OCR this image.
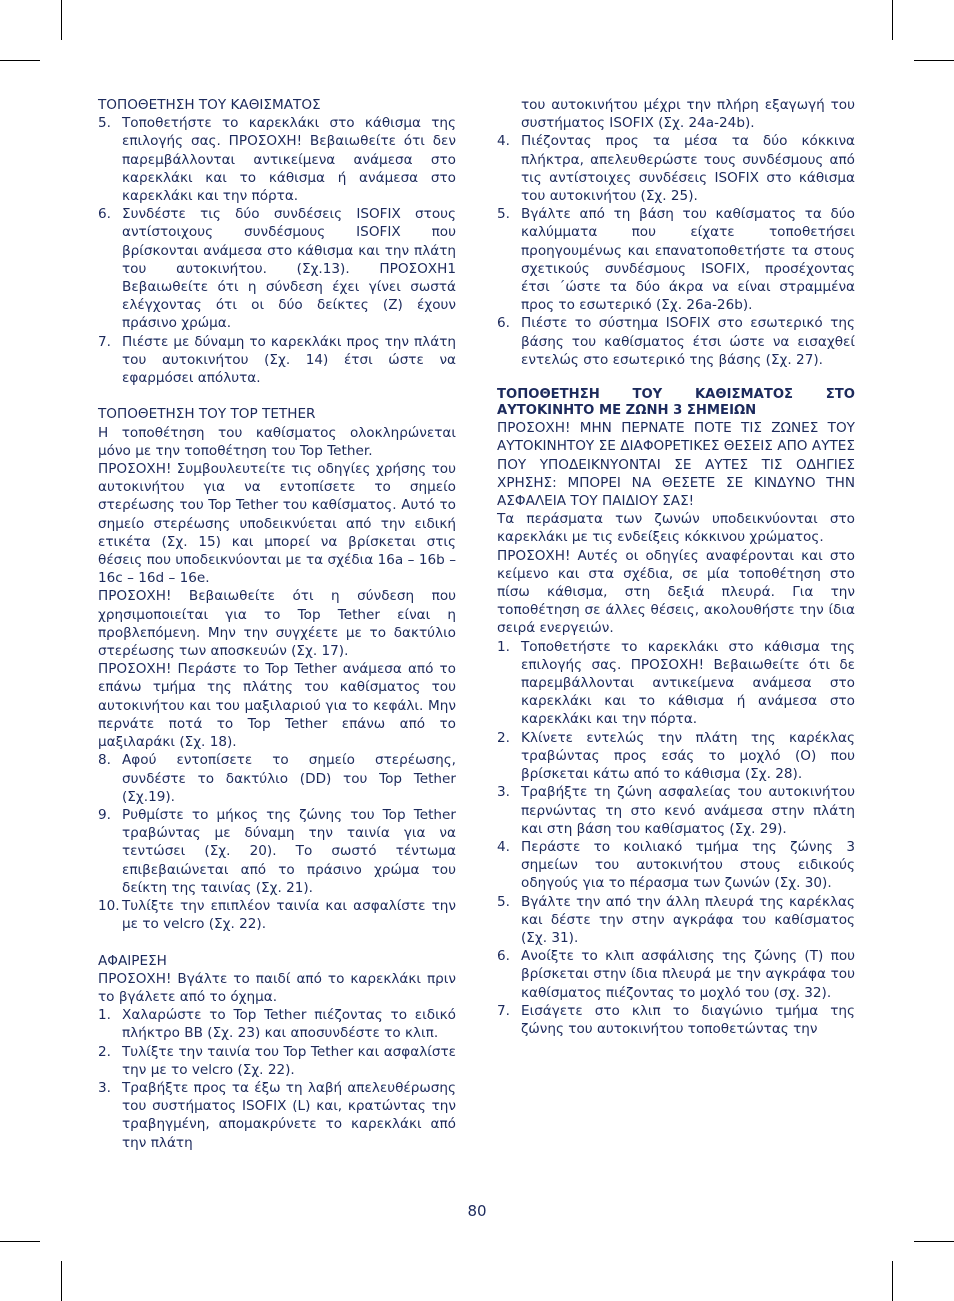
ΤΟΠΟΘΕΤΗΣΗ ΤΟΥ ΚΑΘΙΣΜΑΤΟΣ

5. Τοποθετήστε το καρεκλάκι στο κάθισμα της επιλογής σας. ΠΡΟΣΟΧΗ! Βεβαιωθείτε ότι δεν παρεμβάλλονται αντικείμενα ανάμεσα στο καρεκλάκι και το κάθισμα ή ανάμεσα στο καρεκλάκι και την πόρτα.
6. Συνδέστε τις δύο συνδέσεις ISOFIX στους αντίστοιχους συνδέσμους ISOFIX που βρίσκονται ανάμεσα στο κάθισμα και την πλάτη του αυτοκινήτου. (Σχ.13). ΠΡΟΣΟΧΗ1 Βεβαιωθείτε ότι η σύνδεση έχει γίνει σωστά ελέγχοντας ότι οι δύο δείκτες (Z) έχουν πράσινο χρώμα.
7. Πιέστε με δύναμη το καρεκλάκι προς την πλάτη του αυτοκινήτου (Σχ. 14) έτσι ώστε να εφαρμόσει απόλυτα.

ΤΟΠΟΘΕΤΗΣΗ ΤΟΥ TOP TETHER

Η τοποθέτηση του καθίσματος ολοκληρώνεται μόνο με την τοποθέτηση του Top Tether.

ΠΡΟΣΟΧΗ! Συμβουλευτείτε τις οδηγίες χρήσης του αυτοκινήτου για να εντοπίσετε το σημείο στερέωσης του Top Tether του καθίσματος. Αυτό το σημείο στερέωσης υποδεικνύεται από την ειδική ετικέτα (Σχ. 15) και μπορεί να βρίσκεται στις θέσεις που υποδεικνύονται με τα σχέδια 16a – 16b – 16c – 16d – 16e.

ΠΡΟΣΟΧΗ! Βεβαιωθείτε ότι η σύνδεση που χρησιμοποιείται για το Top Tether είναι η προβλεπόμενη. Μην την συγχέετε με το δακτύλιο στερέωσης των αποσκευών (Σχ. 17).

ΠΡΟΣΟΧΗ! Περάστε το Top Tether ανάμεσα από το επάνω τμήμα της πλάτης του καθίσματος του αυτοκινήτου και του μαξιλαριού για το κεφάλι. Μην περνάτε ποτά το Top Tether επάνω από το μαξιλαράκι (Σχ. 18).

8. Αφού εντοπίσετε το σημείο στερέωσης, συνδέστε το δακτύλιο (DD) του Top Tether (Σχ.19).
9. Ρυθμίστε το μήκος της ζώνης του Top Tether τραβώντας με δύναμη την ταινία για να τεντώσει (Σχ. 20). Το σωστό τέντωμα επιβεβαιώνεται από το πράσινο χρώμα του δείκτη της ταινίας (Σχ. 21).
10. Τυλίξτε την επιπλέον ταινία και ασφαλίστε την με το velcro (Σχ. 22).

ΑΦΑΙΡΕΣΗ

ΠΡΟΣΟΧΗ! Βγάλτε το παιδί από το καρεκλάκι πριν το βγάλετε από το όχημα.

1. Χαλαρώστε το Top Tether πιέζοντας το ειδικό πλήκτρο BB (Σχ. 23) και αποσυνδέστε το κλιπ.
2. Τυλίξτε την ταινία του Top Tether και ασφαλίστε την με το velcro (Σχ. 22).
3. Τραβήξτε προς τα έξω τη λαβή απελευθέρωσης του συστήματος ISOFIX (L) και, κρατώντας την τραβηγμένη, απομακρύνετε το καρεκλάκι από την πλάτη

του αυτοκινήτου μέχρι την πλήρη εξαγωγή του συστήματος ISOFIX (Σχ. 24a-24b).

4. Πιέζοντας προς τα μέσα τα δύο κόκκινα πλήκτρα, απελευθερώστε τους συνδέσμους από τις αντίστοιχες συνδέσεις ISOFIX στο κάθισμα του αυτοκινήτου (Σχ. 25).
5. Βγάλτε από τη βάση του καθίσματος τα δύο καλύμματα που είχατε τοποθετήσει προηγουμένως και επανατοποθετήστε τα στους σχετικούς συνδέσμους ISOFIX, προσέχοντας έτσι ´ώστε τα δύο άκρα να είναι στραμμένα προς το εσωτερικό (Σχ. 26a-26b).
6. Πιέστε το σύστημα ISOFIX στο εσωτερικό της βάσης του καθίσματος έτσι ώστε να εισαχθεί εντελώς στο εσωτερικό της βάσης (Σχ. 27).

ΤΟΠΟΘΕΤΗΣΗ ΤΟΥ ΚΑΘΙΣΜΑΤΟΣ ΣΤΟ ΑΥΤΟΚΙΝΗΤΟ ΜΕ ΖΩΝΗ 3 ΣΗΜΕΙΩΝ

ΠΡΟΣΟΧΗ! ΜΗΝ ΠΕΡΝΑΤΕ ΠΟΤΕ ΤΙΣ ΖΩΝΕΣ ΤΟΥ ΑΥΤΟΚΙΝΗΤΟΥ ΣΕ ΔΙΑΦΟΡΕΤΙΚΕΣ ΘΕΣΕΙΣ ΑΠΟ ΑΥΤΕΣ ΠΟΥ ΥΠΟΔΕΙΚΝΥΟΝΤΑΙ ΣΕ ΑΥΤΕΣ ΤΙΣ ΟΔΗΓΙΕΣ ΧΡΗΣΗΣ: ΜΠΟΡΕΙ ΝΑ ΘΕΣΕΤΕ ΣΕ ΚΙΝΔΥΝΟ ΤΗΝ ΑΣΦΑΛΕΙΑ ΤΟΥ ΠΑΙΔΙΟΥ ΣΑΣ!

Τα περάσματα των ζωνών υποδεικνύονται στο καρεκλάκι με τις ενδείξεις κόκκινου χρώματος.

ΠΡΟΣΟΧΗ! Αυτές οι οδηγίες αναφέρονται και στο κείμενο και στα σχέδια, σε μία τοποθέτηση στο πίσω κάθισμα, στη δεξιά πλευρά. Για την τοποθέτηση σε άλλες θέσεις, ακολουθήστε την ίδια σειρά ενεργειών.

1. Τοποθετήστε το καρεκλάκι στο κάθισμα της επιλογής σας. ΠΡΟΣΟΧΗ! Βεβαιωθείτε ότι δε παρεμβάλλονται αντικείμενα ανάμεσα στο καρεκλάκι και το κάθισμα ή ανάμεσα στο καρεκλάκι και την πόρτα.
2. Κλίνετε εντελώς την πλάτη της καρέκλας τραβώντας προς εσάς το μοχλό (O) που βρίσκεται κάτω από το κάθισμα (Σχ. 28).
3. Τραβήξτε τη ζώνη ασφαλείας του αυτοκινήτου περνώντας τη στο κενό ανάμεσα στην πλάτη και στη βάση του καθίσματος (Σχ. 29).
4. Περάστε το κοιλιακό τμήμα της ζώνης 3 σημείων του αυτοκινήτου στους ειδικούς οδηγούς για το πέρασμα των ζωνών (Σχ. 30).
5. Βγάλτε την από την άλλη πλευρά της καρέκλας και δέστε την στην αγκράφα του καθίσματος (Σχ. 31).
6. Ανοίξτε το κλιπ ασφάλισης της ζώνης (T) που βρίσκεται στην ίδια πλευρά με την αγκράφα του καθίσματος πιέζοντας το μοχλό του (σχ. 32).
7. Εισάγετε στο κλιπ το διαγώνιο τμήμα της ζώνης του αυτοκινήτου τοποθετώντας την
80
